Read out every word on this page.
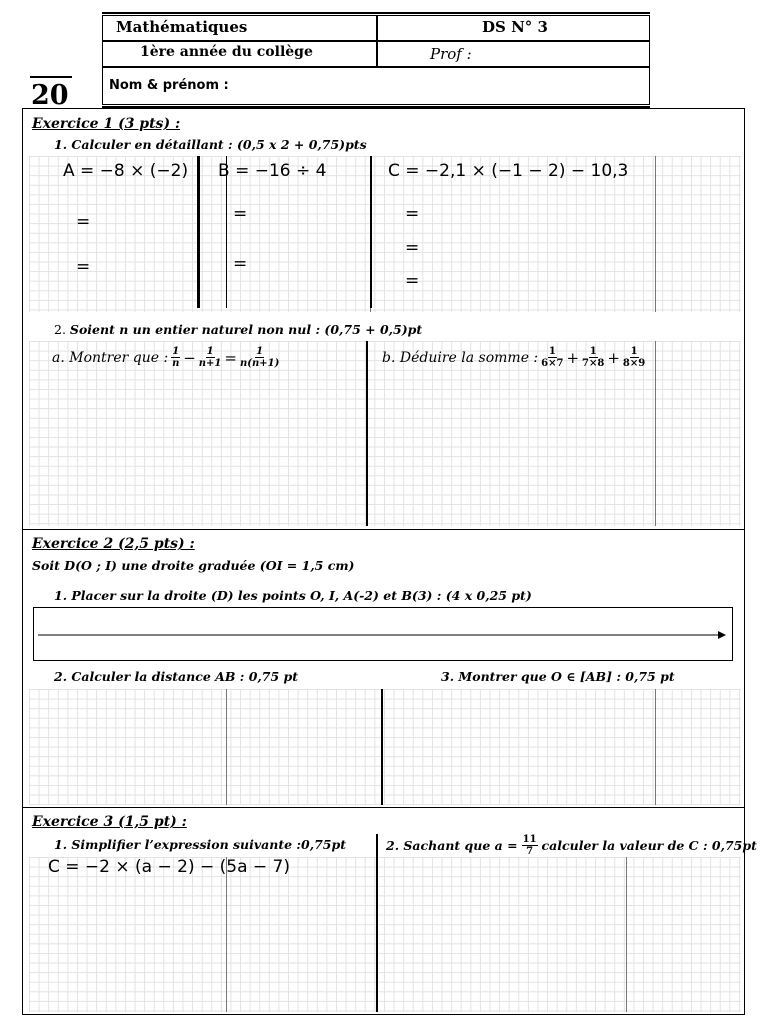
Mathématiques	DS N° 3
1ère année du collège	Prof :
Nom & prénom :
20
Exercice 1 (3 pts) :
1. Calculer en détaillant : (0,5 x 2 + 0,75)pts
A = −8 × (−2) B = −16 ÷ 4	C = −2,1 × (−1 − 2) − 10,3
=
=
=
=
=
=
=
2. Soient n un entier naturel non nul : (0,75 + 0,5)pt
a. Montrer que : $\frac{1}{n} - \frac{1}{n+1} = \frac{1}{n(n+1)}$	b. Déduire la somme : $\frac{1}{6\times 7} + \frac{1}{7\times 8} + \frac{1}{8\times 9}$
Exercice 2 (2,5 pts) :
Soit D(O ; I) une droite graduée (OI = 1,5 cm)
1. Placer sur la droite (D) les points O, I, A(-2) et B(3) : (4 x 0,25 pt)
2. Calculer la distance AB : 0,75 pt	3. Montrer que O ∈ [AB] : 0,75 pt
Exercice 3 (1,5 pt) :
1. Simplifier l’expression suivante :0,75pt	2. Sachant que $a = \frac{11}{7}$ calculer la valeur de C : 0,75pt
C = −2 × (a − 2) − (5a − 7)
